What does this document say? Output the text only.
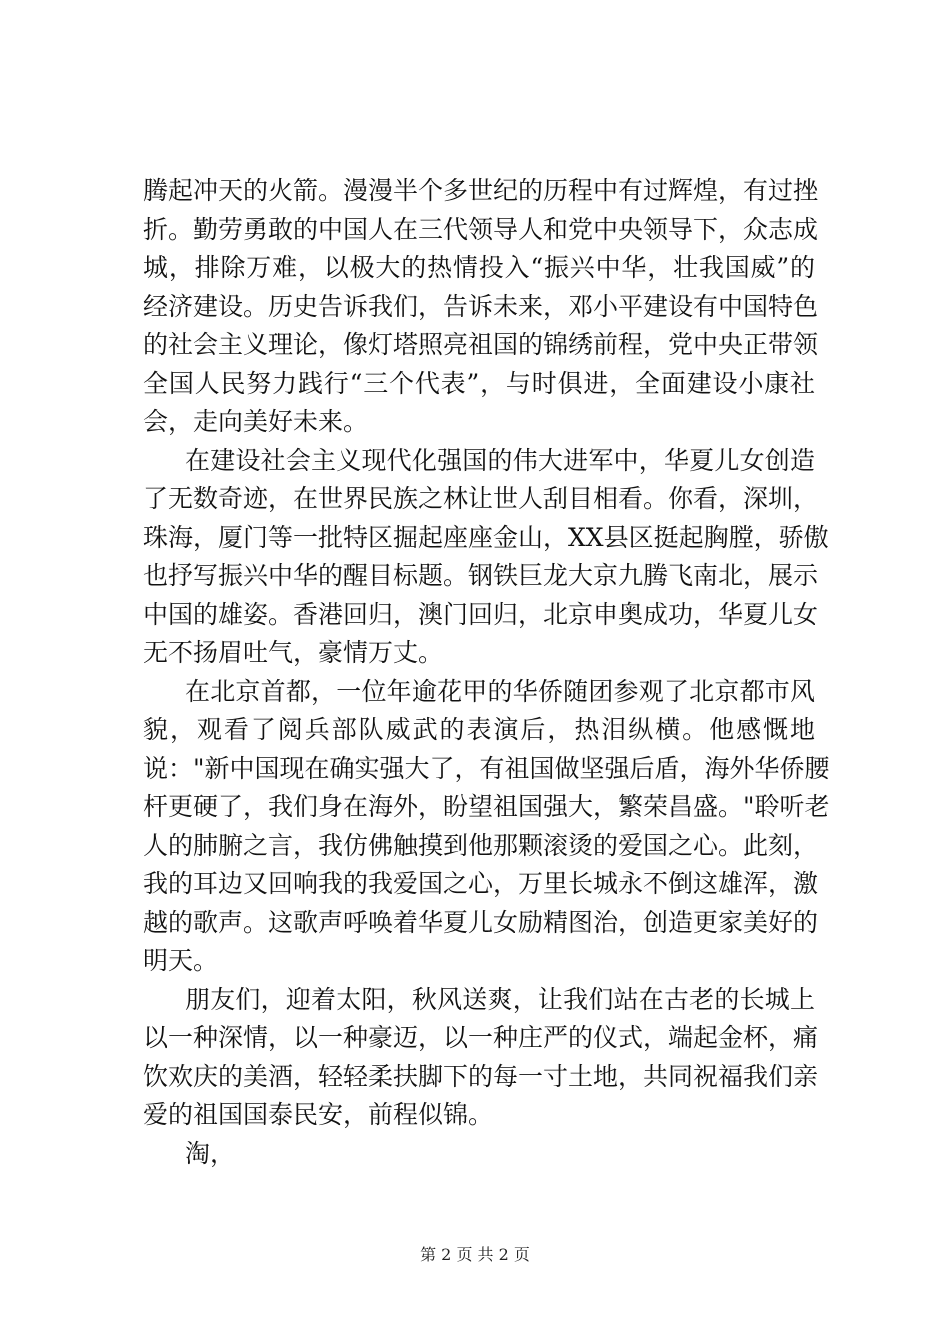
腾起冲天的火箭。漫漫半个多世纪的历程中有过辉煌，有过挫
折。勤劳勇敢的中国人在三代领导人和党中央领导下，众志成
城，排除万难，以极大的热情投入“振兴中华，壮我国威”的
经济建设。历史告诉我们，告诉未来，邓小平建设有中国特色
的社会主义理论，像灯塔照亮祖国的锦绣前程，党中央正带领
全国人民努力践行“三个代表”，与时俱进，全面建设小康社
会，走向美好未来。
在建设社会主义现代化强国的伟大进军中，华夏儿女创造
了无数奇迹，在世界民族之林让世人刮目相看。你看，深圳，
珠海，厦门等一批特区掘起座座金山，XX县区挺起胸膛，骄傲
也抒写振兴中华的醒目标题。钢铁巨龙大京九腾飞南北，展示
中国的雄姿。香港回归，澳门回归，北京申奥成功，华夏儿女
无不扬眉吐气，豪情万丈。
在北京首都，一位年逾花甲的华侨随团参观了北京都市风
貌，观看了阅兵部队威武的表演后，热泪纵横。他感慨地
说："新中国现在确实强大了，有祖国做坚强后盾，海外华侨腰
杆更硬了，我们身在海外，盼望祖国强大，繁荣昌盛。"聆听老
人的肺腑之言，我仿佛触摸到他那颗滚烫的爱国之心。此刻，
我的耳边又回响我的我爱国之心，万里长城永不倒这雄浑，激
越的歌声。这歌声呼唤着华夏儿女励精图治，创造更家美好的
明天。
朋友们，迎着太阳，秋风送爽，让我们站在古老的长城上
以一种深情，以一种豪迈，以一种庄严的仪式，端起金杯，痛
饮欢庆的美酒，轻轻柔扶脚下的每一寸土地，共同祝福我们亲
爱的祖国国泰民安，前程似锦。
淘，
第 2 页 共 2 页
